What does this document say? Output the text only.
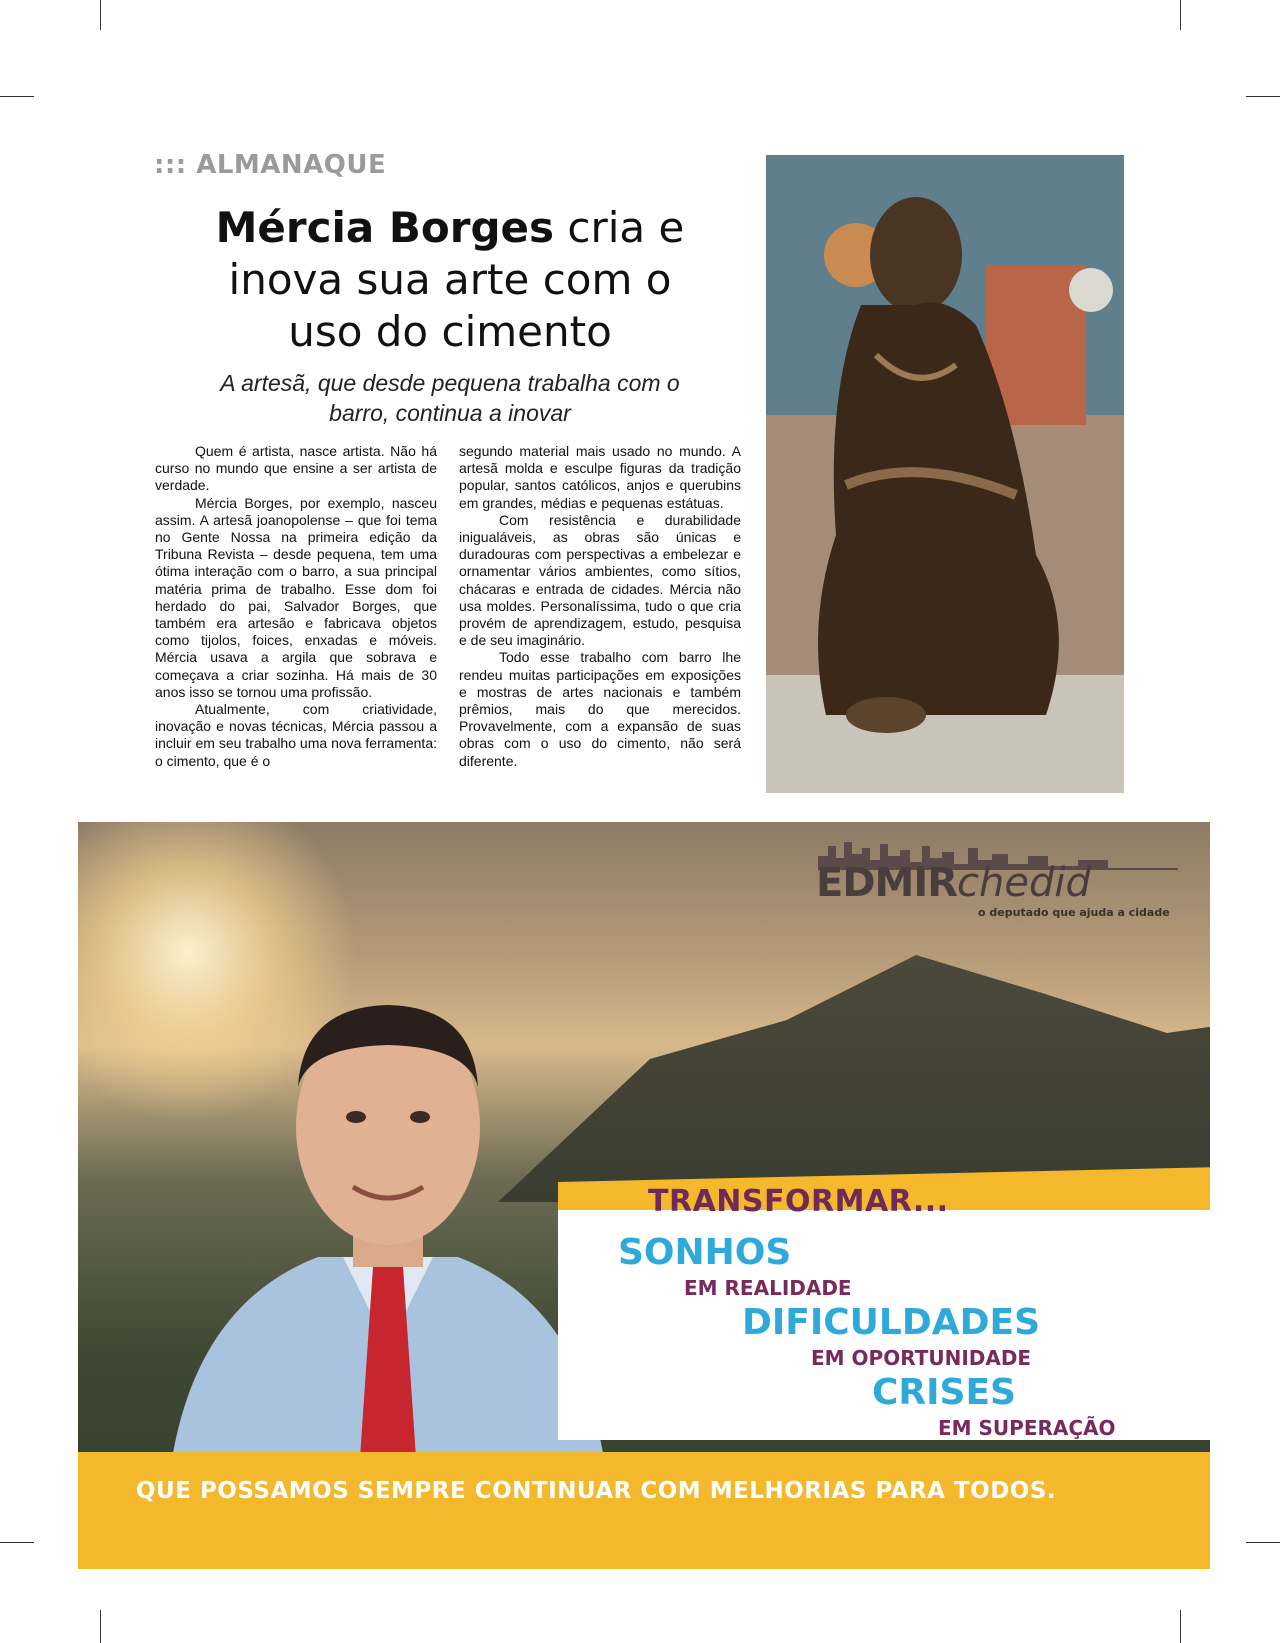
::: ALMANAQUE
Mércia Borges cria e
inova sua arte com o
uso do cimento
A artesã, que desde pequena trabalha com o
barro, continua a inovar

Quem é artista, nasce artista. Não há curso no mundo que ensine a ser artista de verdade.

Mércia Borges, por exemplo, nasceu assim. A artesã joanopolense – que foi tema no Gente Nossa na primeira edição da Tribuna Revista – desde pequena, tem uma ótima interação com o barro, a sua principal matéria prima de trabalho. Esse dom foi herdado do pai, Salvador Borges, que também era artesão e fabricava objetos como tijolos, foices, enxadas e móveis. Mércia usava a argila que sobrava e começava a criar sozinha. Há mais de 30 anos isso se tornou uma profissão.

Atualmente, com criatividade, inovação e novas técnicas, Mércia passou a incluir em seu trabalho uma nova ferramenta: o cimento, que é o

segundo material mais usado no mundo. A artesã molda e esculpe figuras da tradição popular, santos católicos, anjos e querubins em grandes, médias e pequenas estátuas.

Com resistência e durabilidade inigualáveis, as obras são únicas e duradouras com perspectivas a embelezar e ornamentar vários ambientes, como sítios, chácaras e entrada de cidades. Mércia não usa moldes. Personalíssima, tudo o que cria provém de aprendizagem, estudo, pesquisa e de seu imaginário.

Todo esse trabalho com barro lhe rendeu muitas participações em exposições e mostras de artes nacionais e também prêmios, mais do que merecidos. Provavelmente, com a expansão de suas obras com o uso do cimento, não será diferente.

EDMIRchedid
o deputado que ajuda a cidade
TRANSFORMAR...
SONHOS
EM REALIDADE
DIFICULDADES
EM OPORTUNIDADE
CRISES
EM SUPERAÇÃO
QUE POSSAMOS SEMPRE CONTINUAR COM MELHORIAS PARA TODOS.
